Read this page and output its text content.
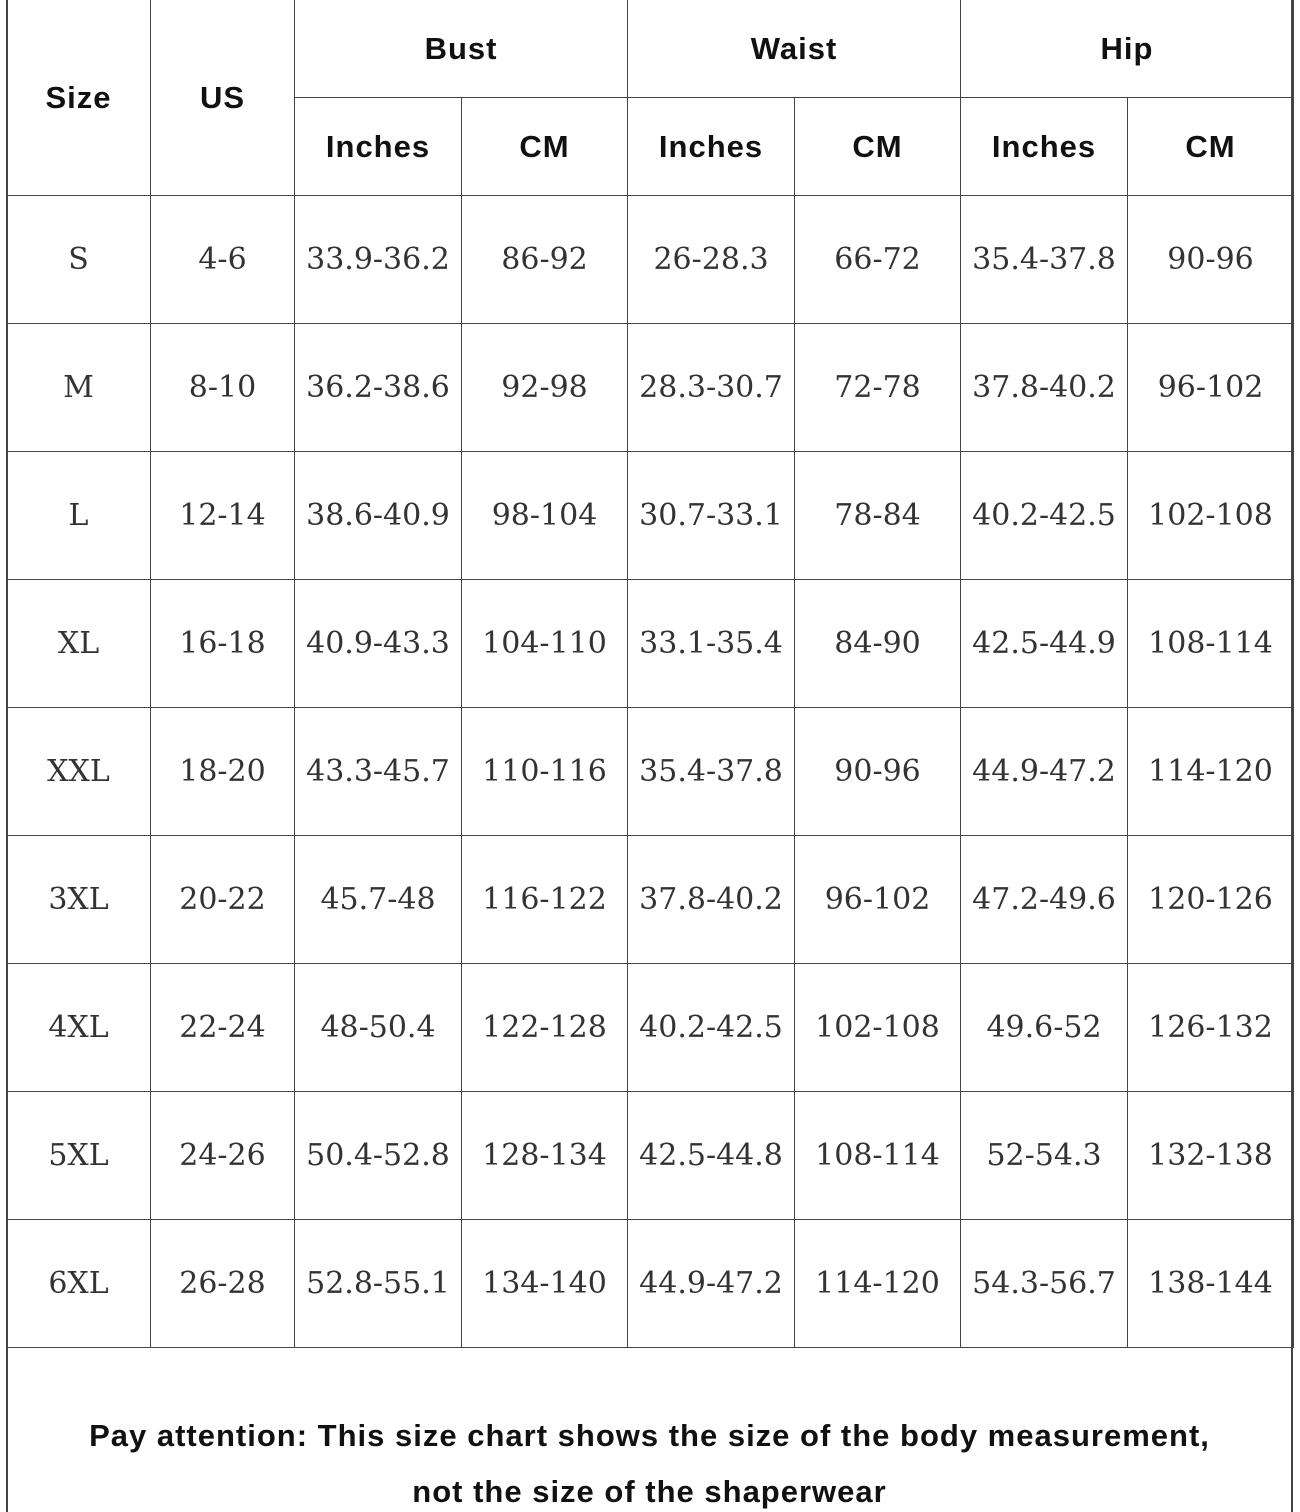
Size	US	Bust		Waist		Hip	
		Inches	CM	Inches	CM	Inches	CM
S	4-6	33.9-36.2	86-92	26-28.3	66-72	35.4-37.8	90-96
M	8-10	36.2-38.6	92-98	28.3-30.7	72-78	37.8-40.2	96-102
L	12-14	38.6-40.9	98-104	30.7-33.1	78-84	40.2-42.5	102-108
XL	16-18	40.9-43.3	104-110	33.1-35.4	84-90	42.5-44.9	108-114
XXL	18-20	43.3-45.7	110-116	35.4-37.8	90-96	44.9-47.2	114-120
3XL	20-22	45.7-48	116-122	37.8-40.2	96-102	47.2-49.6	120-126
4XL	22-24	48-50.4	122-128	40.2-42.5	102-108	49.6-52	126-132
5XL	24-26	50.4-52.8	128-134	42.5-44.8	108-114	52-54.3	132-138
6XL	26-28	52.8-55.1	134-140	44.9-47.2	114-120	54.3-56.7	138-144
Pay attention: This size chart shows the size of the body measurement,
not the size of the shaperwear
